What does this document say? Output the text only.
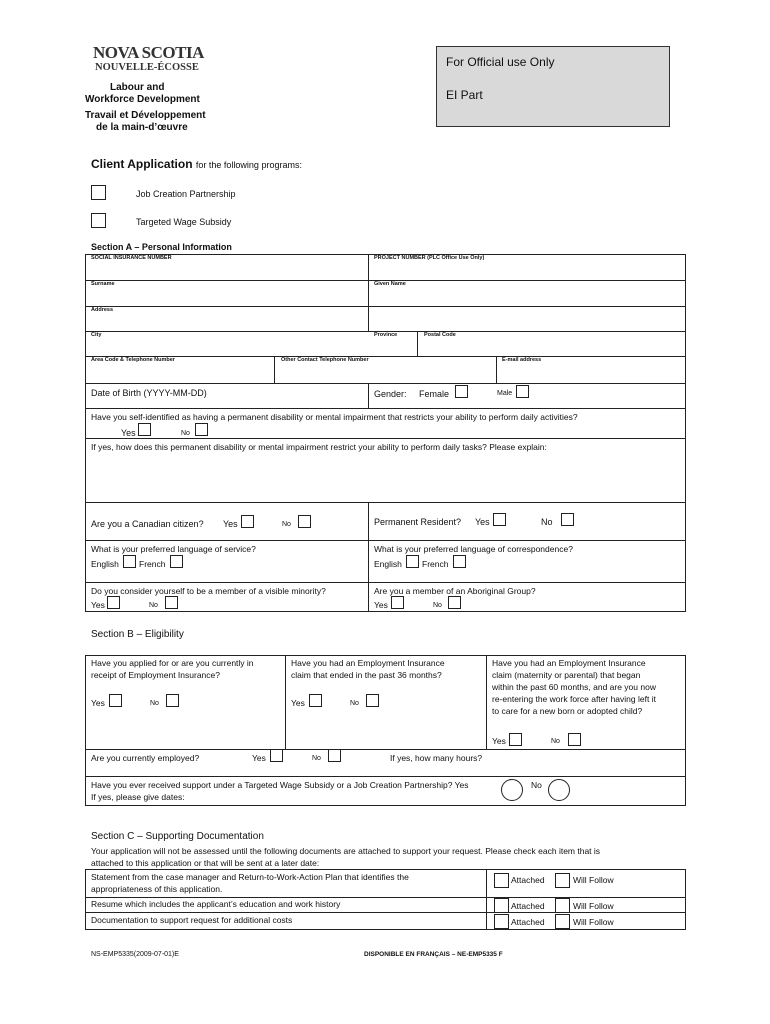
NOVA SCOTIA
NOUVELLE-ÉCOSSE
Labour and
Workforce Development
Travail et Développement
de la main-d’œuvre
For Official use Only
EI Part
Client Application for the following programs:
Job Creation Partnership
Targeted Wage Subsidy
Section A – Personal Information
SOCIAL INSURANCE NUMBER	PROJECT NUMBER (PLC Office Use Only)
Surname	Given Name
Address
City	Province	Postal Code
Area Code & Telephone Number	Other Contact Telephone Number	E-mail address
Date of Birth (YYYY-MM-DD)	Gender: Female	Male
Have you self-identified as having a permanent disability or mental impairment that restricts your ability to perform daily activities?
Yes	No
If yes, how does this permanent disability or mental impairment restrict your ability to perform daily tasks? Please explain:
Are you a Canadian citizen? Yes	No	Permanent Resident? Yes	No
What is your preferred language of service?
English French
What is your preferred language of correspondence?
English French
Do you consider yourself to be a member of a visible minority?
Yes	No
Are you a member of an Aboriginal Group?
Yes	No
Section B – Eligibility
Have you applied for or are you currently in
receipt of Employment Insurance?
Yes	No
Have you had an Employment Insurance
claim that ended in the past 36 months?
Yes	No
Have you had an Employment Insurance
claim (maternity or parental) that began
within the past 60 months, and are you now
re-entering the work force after having left it
to care for a new born or adopted child?
Yes	No
Are you currently employed?	Yes	No	If yes, how many hours?
Have you ever received support under a Targeted Wage Subsidy or a Job Creation Partnership? Yes	No
If yes, please give dates:
Section C – Supporting Documentation
Your application will not be assessed until the following documents are attached to support your request. Please check each item that is
attached to this application or that will be sent at a later date:
Statement from the case manager and Return-to-Work-Action Plan that identifies the
appropriateness of this application.
Attached	Will Follow
Resume which includes the applicant’s education and work history	Attached	Will Follow
Documentation to support request for additional costs	Attached	Will Follow
NS-EMP5335(2009-07-01)E	DISPONIBLE EN FRANÇAIS – NE-EMP5335 F
